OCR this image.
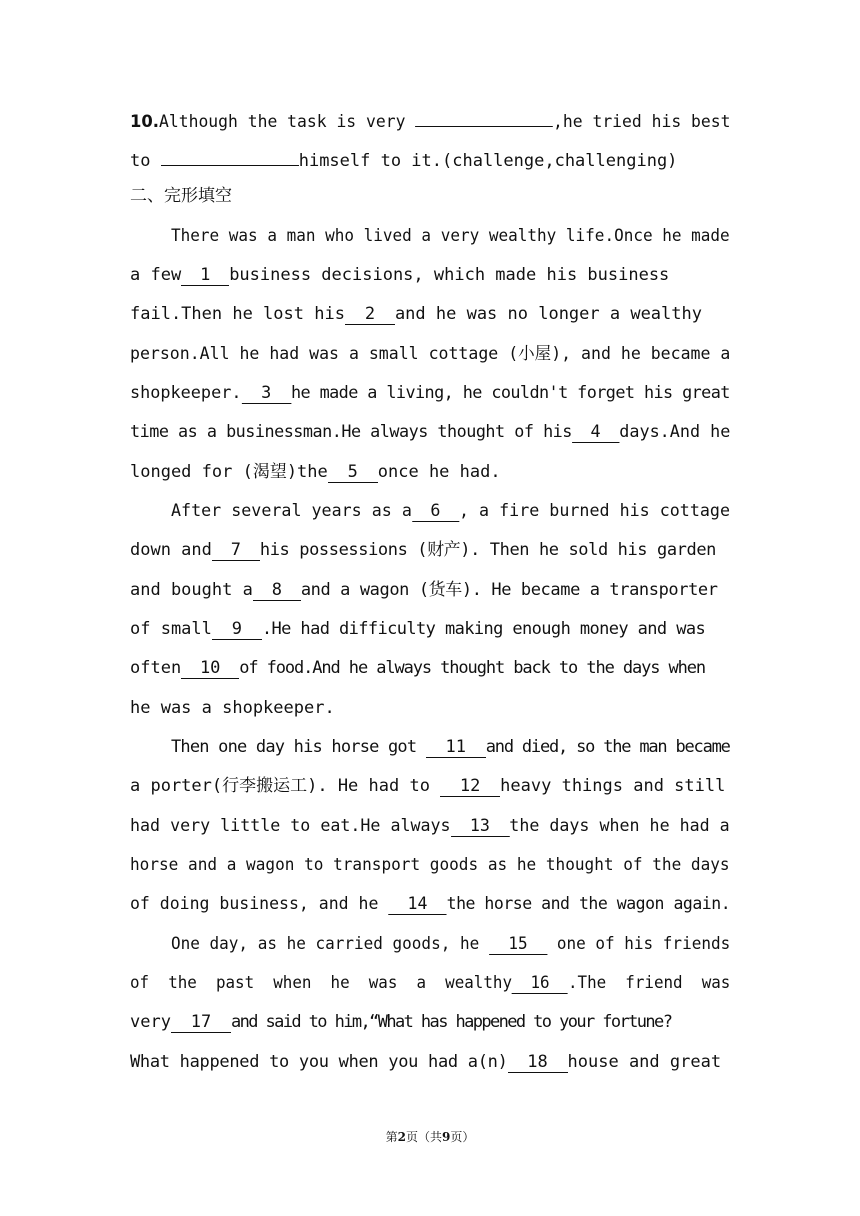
10.Although the task is very	,he tried his best
to	himself to it.(challenge,challenging)
二、完形填空
There was a man who lived a very wealthy life.Once he made
a few 1 business decisions, which made his business
fail.Then he lost his 2 and he was no longer a wealthy
person.All he had was a small cottage (小屋), and he became a
shopkeeper. 3 he made a living, he couldn't forget his great
time as a businessman.He always thought of his 4 days.And he
longed for (渴望)the 5 once he had.
After several years as a 6 , a fire burned his cottage
down and 7 his possessions (财产). Then he sold his garden
and bought a 8 and a wagon (货车). He became a transporter
of small 9 .He had difficulty making enough money and was
often 10 of food.And he always thought back to the days when
he was a shopkeeper.
Then one day his horse got 11 and died, so the man became
a porter(行李搬运工). He had to 12 heavy things and still
had very little to eat.He always 13 the days when he had a
horse and a wagon to transport goods as he thought of the days
of doing business, and he 14 the horse and the wagon again.
One day, as he carried goods, he 15 one of his friends
of  the  past  when  he  was  a  wealthy 16 .The  friend  was
very 17 and said to him,“What has happened to your fortune?
What happened to you when you had a(n) 18 house and great
第2页（共9页）
